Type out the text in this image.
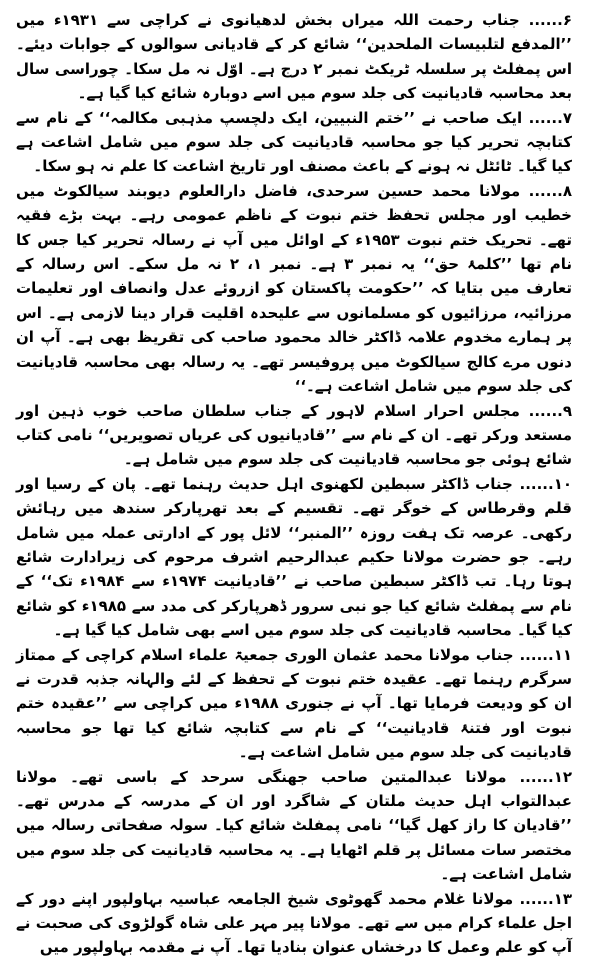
۶...... جناب رحمت اللہ میراں بخش لدھیانوی نے کراچی سے ۱۹۳۱ء میں ’’المدفع لتلبیسات الملحدین‘‘ شائع کر کے قادیانی سوالوں کے جوابات دیئے۔ اس پمفلٹ پر سلسلہ ٹریکٹ نمبر ۲ درج ہے۔ اوّل نہ مل سکا۔ چوراسی سال بعد محاسبہ قادیانیت کی جلد سوم میں اسے دوبارہ شائع کیا گیا ہے۔

۷...... ایک صاحب نے ’’ختم النبیین، ایک دلچسپ مذہبی مکالمہ‘‘ کے نام سے کتابچہ تحریر کیا جو محاسبہ قادیانیت کی جلد سوم میں شامل اشاعت ہے کیا گیا۔ ٹائٹل نہ ہونے کے باعث مصنف اور تاریخ اشاعت کا علم نہ ہو سکا۔

۸...... مولانا محمد حسین سرحدی، فاضل دارالعلوم دیوبند سیالکوٹ میں خطیب اور مجلس تحفظ ختم نبوت کے ناظم عمومی رہے۔ بہت بڑے فقیہ تھے۔ تحریک ختم نبوت ۱۹۵۳ء کے اوائل میں آپ نے رسالہ تحریر کیا جس کا نام تھا ’’کلمۂ حق‘‘ یہ نمبر ۳ ہے۔ نمبر ۱، ۲ نہ مل سکے۔ اس رسالہ کے تعارف میں بتایا کہ ’’حکومت پاکستان کو ازروئے عدل وانصاف اور تعلیمات مرزائیہ، مرزائیوں کو مسلمانوں سے علیحدہ اقلیت قرار دینا لازمی ہے۔ اس پر ہمارے مخدوم علامہ ڈاکٹر خالد محمود صاحب کی تقریظ بھی ہے۔ آپ ان دنوں مرے کالج سیالکوٹ میں پروفیسر تھے۔ یہ رسالہ بھی محاسبہ قادیانیت کی جلد سوم میں شامل اشاعت ہے۔‘‘

۹...... مجلس احرار اسلام لاہور کے جناب سلطان صاحب خوب ذہین اور مستعد ورکر تھے۔ ان کے نام سے ’’قادیانیوں کی عریاں تصویریں‘‘ نامی کتاب شائع ہوئی جو محاسبہ قادیانیت کی جلد سوم میں شامل ہے۔

۱۰...... جناب ڈاکٹر سبطین لکھنوی اہل حدیث رہنما تھے۔ پان کے رسیا اور قلم وقرطاس کے خوگر تھے۔ تقسیم کے بعد تھرپارکر سندھ میں رہائش رکھی۔ عرصہ تک ہفت روزہ ’’المنبر‘‘ لائل پور کے ادارتی عملہ میں شامل رہے۔ جو حضرت مولانا حکیم عبدالرحیم اشرف مرحوم کی زیرادارت شائع ہوتا رہا۔ تب ڈاکٹر سبطین صاحب نے ’’قادیانیت ۱۹۷۴ء سے ۱۹۸۴ء تک‘‘ کے نام سے پمفلٹ شائع کیا جو نبی سرور ڈھرپارکر کی مدد سے ۱۹۸۵ء کو شائع کیا گیا۔ محاسبہ قادیانیت کی جلد سوم میں اسے بھی شامل کیا گیا ہے۔

۱۱...... جناب مولانا محمد عثمان الوری جمعیۃ علماء اسلام کراچی کے ممتاز سرگرم رہنما تھے۔ عقیدہ ختم نبوت کے تحفظ کے لئے والہانہ جذبہ قدرت نے ان کو ودیعت فرمایا تھا۔ آپ نے جنوری ۱۹۸۸ء میں کراچی سے ’’عقیدہ ختم نبوت اور فتنۂ قادیانیت‘‘ کے نام سے کتابچہ شائع کیا تھا جو محاسبہ قادیانیت کی جلد سوم میں شامل اشاعت ہے۔

۱۲...... مولانا عبدالمتین صاحب جھنگی سرحد کے باسی تھے۔ مولانا عبدالتواب اہل حدیث ملتان کے شاگرد اور ان کے مدرسہ کے مدرس تھے۔ ’’قادیان کا راز کھل گیا‘‘ نامی پمفلٹ شائع کیا۔ سولہ صفحاتی رسالہ میں مختصر سات مسائل پر قلم اٹھایا ہے۔ یہ محاسبہ قادیانیت کی جلد سوم میں شامل اشاعت ہے۔

۱۳...... مولانا غلام محمد گھوٹوی شیخ الجامعہ عباسیہ بہاولپور اپنے دور کے اجل علماء کرام میں سے تھے۔ مولانا پیر مہر علی شاہ گولڑوی کی صحبت نے آپ کو علم وعمل کا درخشاں عنوان بنادیا تھا۔ آپ نے مقدمہ بہاولپور میں
